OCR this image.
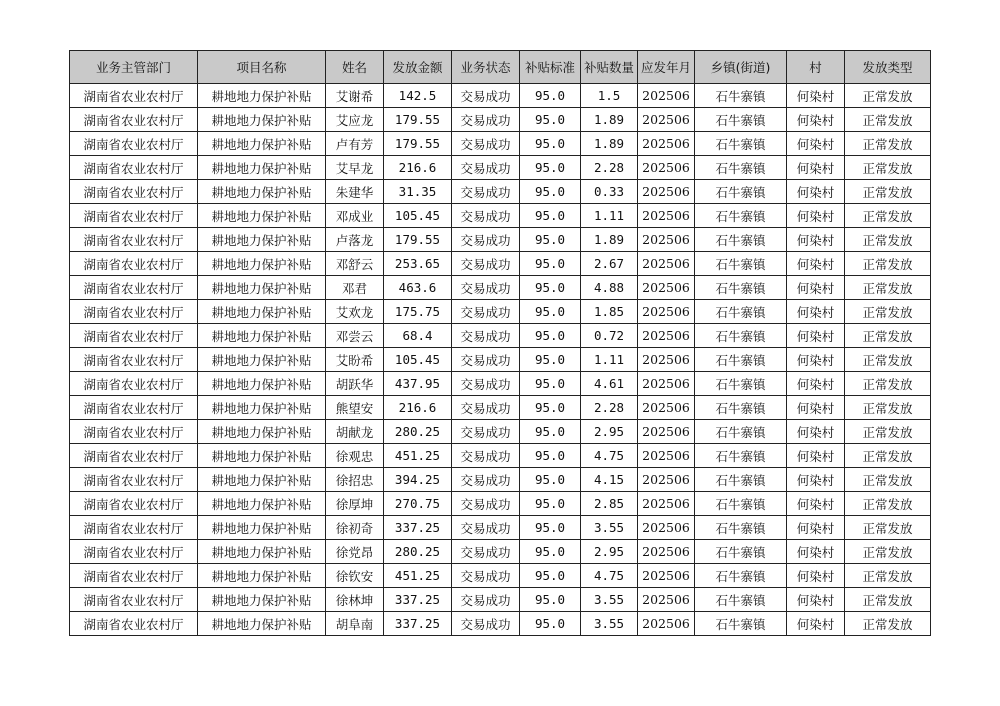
业务主管部门	项目名称	姓名	发放金额	业务状态	补贴标准	补贴数量	应发年月	乡镇(街道)	村	发放类型
湖南省农业农村厅	耕地地力保护补贴	艾谢希	142.5	交易成功	95.0	1.5	202506	石牛寨镇	何染村	正常发放
湖南省农业农村厅	耕地地力保护补贴	艾应龙	179.55	交易成功	95.0	1.89	202506	石牛寨镇	何染村	正常发放
湖南省农业农村厅	耕地地力保护补贴	卢有芳	179.55	交易成功	95.0	1.89	202506	石牛寨镇	何染村	正常发放
湖南省农业农村厅	耕地地力保护补贴	艾早龙	216.6	交易成功	95.0	2.28	202506	石牛寨镇	何染村	正常发放
湖南省农业农村厅	耕地地力保护补贴	朱建华	31.35	交易成功	95.0	0.33	202506	石牛寨镇	何染村	正常发放
湖南省农业农村厅	耕地地力保护补贴	邓成业	105.45	交易成功	95.0	1.11	202506	石牛寨镇	何染村	正常发放
湖南省农业农村厅	耕地地力保护补贴	卢落龙	179.55	交易成功	95.0	1.89	202506	石牛寨镇	何染村	正常发放
湖南省农业农村厅	耕地地力保护补贴	邓舒云	253.65	交易成功	95.0	2.67	202506	石牛寨镇	何染村	正常发放
湖南省农业农村厅	耕地地力保护补贴	邓君	463.6	交易成功	95.0	4.88	202506	石牛寨镇	何染村	正常发放
湖南省农业农村厅	耕地地力保护补贴	艾欢龙	175.75	交易成功	95.0	1.85	202506	石牛寨镇	何染村	正常发放
湖南省农业农村厅	耕地地力保护补贴	邓尝云	68.4	交易成功	95.0	0.72	202506	石牛寨镇	何染村	正常发放
湖南省农业农村厅	耕地地力保护补贴	艾盼希	105.45	交易成功	95.0	1.11	202506	石牛寨镇	何染村	正常发放
湖南省农业农村厅	耕地地力保护补贴	胡跃华	437.95	交易成功	95.0	4.61	202506	石牛寨镇	何染村	正常发放
湖南省农业农村厅	耕地地力保护补贴	熊望安	216.6	交易成功	95.0	2.28	202506	石牛寨镇	何染村	正常发放
湖南省农业农村厅	耕地地力保护补贴	胡献龙	280.25	交易成功	95.0	2.95	202506	石牛寨镇	何染村	正常发放
湖南省农业农村厅	耕地地力保护补贴	徐观忠	451.25	交易成功	95.0	4.75	202506	石牛寨镇	何染村	正常发放
湖南省农业农村厅	耕地地力保护补贴	徐招忠	394.25	交易成功	95.0	4.15	202506	石牛寨镇	何染村	正常发放
湖南省农业农村厅	耕地地力保护补贴	徐厚坤	270.75	交易成功	95.0	2.85	202506	石牛寨镇	何染村	正常发放
湖南省农业农村厅	耕地地力保护补贴	徐初奇	337.25	交易成功	95.0	3.55	202506	石牛寨镇	何染村	正常发放
湖南省农业农村厅	耕地地力保护补贴	徐党昂	280.25	交易成功	95.0	2.95	202506	石牛寨镇	何染村	正常发放
湖南省农业农村厅	耕地地力保护补贴	徐钦安	451.25	交易成功	95.0	4.75	202506	石牛寨镇	何染村	正常发放
湖南省农业农村厅	耕地地力保护补贴	徐林坤	337.25	交易成功	95.0	3.55	202506	石牛寨镇	何染村	正常发放
湖南省农业农村厅	耕地地力保护补贴	胡阜南	337.25	交易成功	95.0	3.55	202506	石牛寨镇	何染村	正常发放
